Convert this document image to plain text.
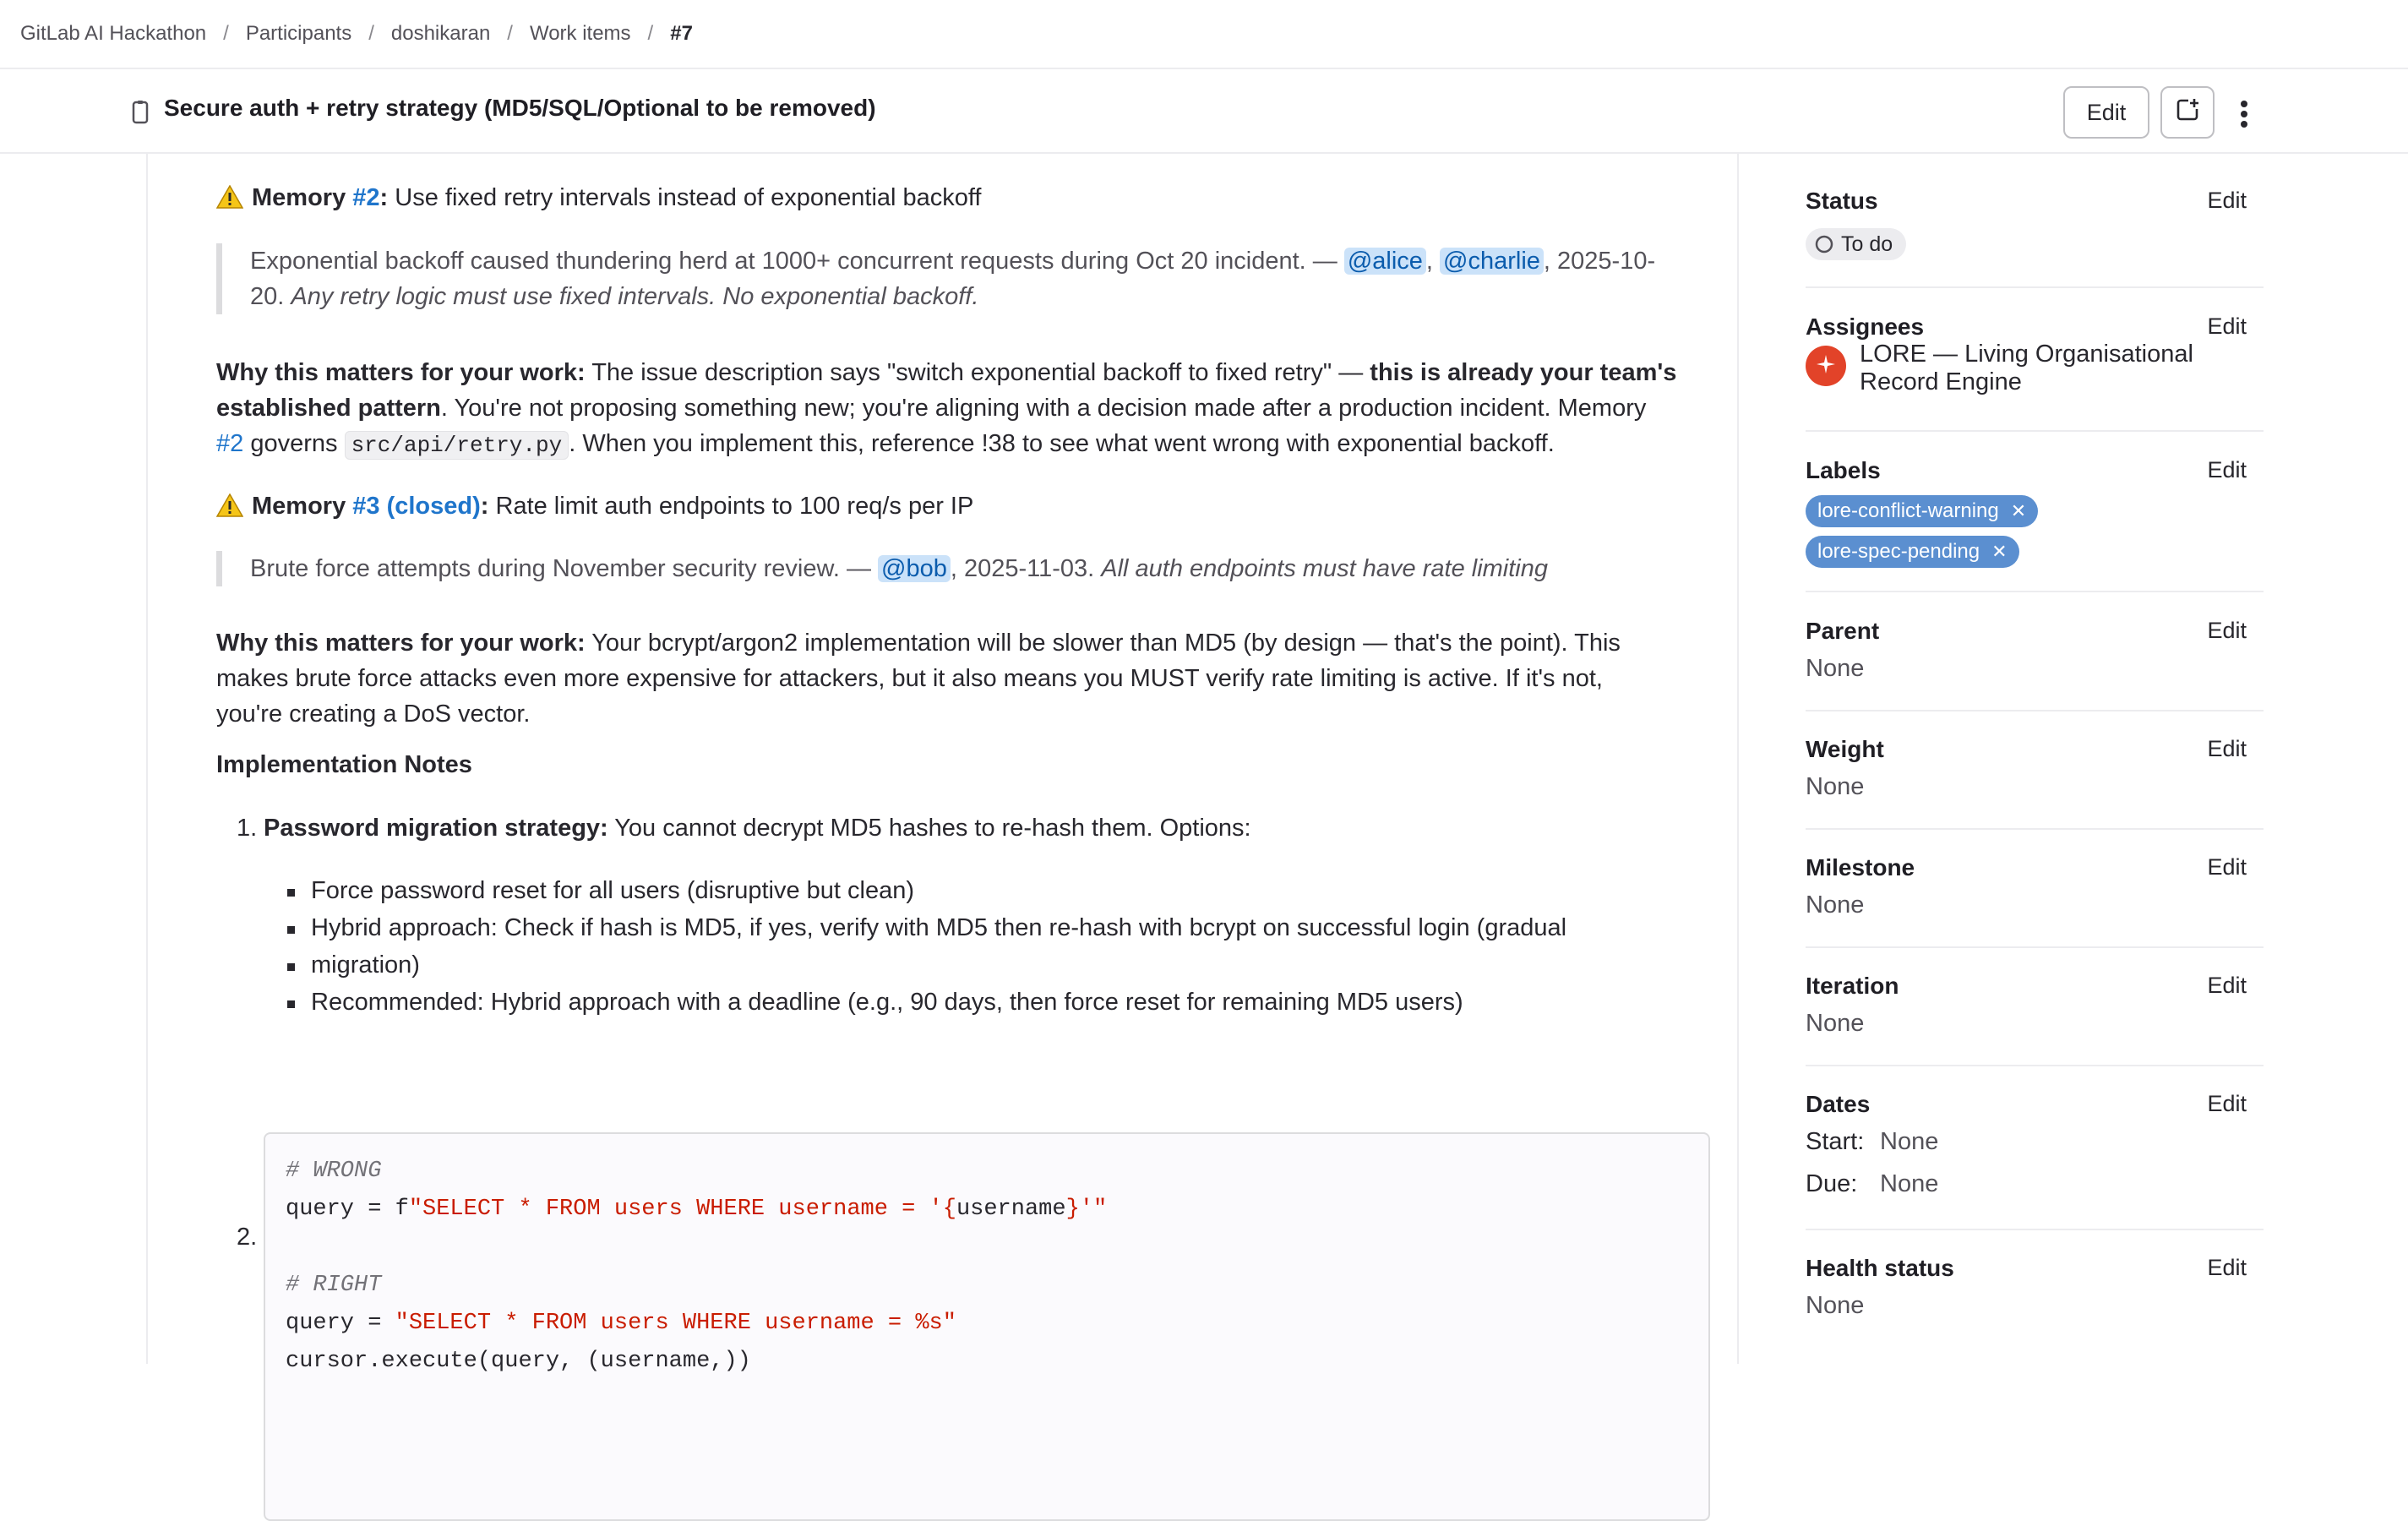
GitLab AI Hackathon / Participants / doshikaran / Work items / #7
Secure auth + retry strategy (MD5/SQL/Optional to be removed)	Edit

Memory #2: Use fixed retry intervals instead of exponential backoff

Exponential backoff caused thundering herd at 1000+ concurrent requests during Oct 20 incident. — @alice , @charlie , 2025-10-
20. Any retry logic must use fixed intervals. No exponential backoff.
Why this matters for your work: The issue description says "switch exponential backoff to fixed retry" — this is already your team's
established pattern. You're not proposing something new; you're aligning with a decision made after a production incident. Memory
#2 governs src/api/retry.py . When you implement this, reference !38 to see what went wrong with exponential backoff.

Memory #3 (closed): Rate limit auth endpoints to 100 req/s per IP

Brute force attempts during November security review. — @bob , 2025-11-03. All auth endpoints must have rate limiting
Why this matters for your work: Your bcrypt/argon2 implementation will be slower than MD5 (by design — that's the point). This
makes brute force attacks even more expensive for attackers, but it also means you MUST verify rate limiting is active. If it's not,
you're creating a DoS vector.

Implementation Notes

1. Password migration strategy: You cannot decrypt MD5 hashes to re-hash them. Options:
Force password reset for all users (disruptive but clean)
Hybrid approach: Check if hash is MD5, if yes, verify with MD5 then re-hash with bcrypt on successful login (gradual
migration)
Recommended: Hybrid approach with a deadline (e.g., 90 days, then force reset for remaining MD5 users)
2.
# WRONG
query = f"SELECT * FROM users WHERE username = '{username}'"
# RIGHT
query = "SELECT * FROM users WHERE username = %s"
cursor.execute(query, (username,))
Status	Edit
To do
Assignees	Edit
LORE — Living Organisational
Record Engine
Labels	Edit
lore-conflict-warning ✕
lore-spec-pending ✕
Parent	Edit
None
Weight	Edit
None
Milestone	Edit
None
Iteration	Edit
None
Dates	Edit
Start: None
Due: None
Health status	Edit
None
